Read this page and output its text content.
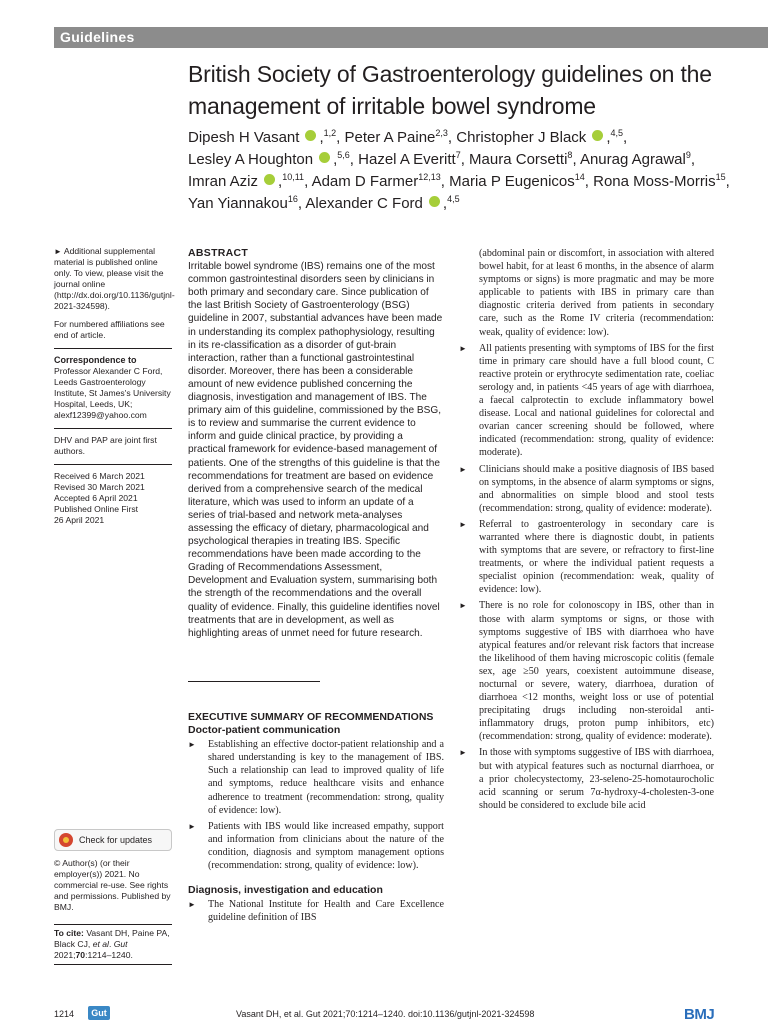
Guidelines
British Society of Gastroenterology guidelines on the management of irritable bowel syndrome
Dipesh H Vasant ,$^{1,2}$, Peter A Paine$^{2,3}$, Christopher J Black ,$^{4,5}$,
Lesley A Houghton ,$^{5,6}$, Hazel A Everitt$^7$, Maura Corsetti$^8$, Anurag Agrawal$^9$,
Imran Aziz ,$^{10,11}$, Adam D Farmer$^{12,13}$, Maria P Eugenicos$^{14}$, Rona Moss-Morris$^{15}$,
Yan Yiannakou$^{16}$, Alexander C Ford ,$^{4,5}$

► Additional supplemental material is published online only. To view, please visit the journal online (http://dx.doi.org/10.1136/gutjnl-2021-324598).

For numbered affiliations see end of article.

Correspondence to

Professor Alexander C Ford, Leeds Gastroenterology Institute, St James's University Hospital, Leeds, UK; alexf12399@yahoo.com

DHV and PAP are joint first authors.

Received 6 March 2021
Revised 30 March 2021
Accepted 6 April 2021
Published Online First
26 April 2021
Check for updates
© Author(s) (or their employer(s)) 2021. No commercial re-use. See rights and permissions. Published by BMJ.
To cite: Vasant DH, Paine PA, Black CJ, et al. Gut
2021;70:1214–1240.
ABSTRACT

Irritable bowel syndrome (IBS) remains one of the most common gastrointestinal disorders seen by clinicians in both primary and secondary care. Since publication of the last British Society of Gastroenterology (BSG) guideline in 2007, substantial advances have been made in understanding its complex pathophysiology, resulting in its re-classification as a disorder of gut-brain interaction, rather than a functional gastrointestinal disorder. Moreover, there has been a considerable amount of new evidence published concerning the diagnosis, investigation and management of IBS. The primary aim of this guideline, commissioned by the BSG, is to review and summarise the current evidence to inform and guide clinical practice, by providing a practical framework for evidence-based management of patients. One of the strengths of this guideline is that the recommendations for treatment are based on evidence derived from a comprehensive search of the medical literature, which was used to inform an update of a series of trial-based and network meta-analyses assessing the efficacy of dietary, pharmacological and psychological therapies in treating IBS. Specific recommendations have been made according to the Grading of Recommendations Assessment, Development and Evaluation system, summarising both the strength of the recommendations and the overall quality of evidence. Finally, this guideline identifies novel treatments that are in development, as well as highlighting areas of unmet need for future research.

EXECUTIVE SUMMARY OF RECOMMENDATIONS
Doctor-patient communication
► Establishing an effective doctor-patient relationship and a shared understanding is key to the management of IBS. Such a relationship can lead to improved quality of life and symptoms, reduce healthcare visits and enhance adherence to treatment (recommendation: strong, quality of evidence: low).
► Patients with IBS would like increased empathy, support and information from clinicians about the nature of the condition, diagnosis and symptom management options (recommendation: strong, quality of evidence: low).
Diagnosis, investigation and education
► The National Institute for Health and Care Excellence guideline definition of IBS

(abdominal pain or discomfort, in association with altered bowel habit, for at least 6 months, in the absence of alarm symptoms or signs) is more pragmatic and may be more applicable to patients with IBS in primary care than diagnostic criteria derived from patients in secondary care, such as the Rome IV criteria (recommendation: weak, quality of evidence: low).

► All patients presenting with symptoms of IBS for the first time in primary care should have a full blood count, C reactive protein or erythrocyte sedimentation rate, coeliac serology and, in patients <45 years of age with diarrhoea, a faecal calprotectin to exclude inflammatory bowel disease. Local and national guidelines for colorectal and ovarian cancer screening should be followed, where indicated (recommendation: strong, quality of evidence: moderate).
► Clinicians should make a positive diagnosis of IBS based on symptoms, in the absence of alarm symptoms or signs, and abnormalities on simple blood and stool tests (recommendation: strong, quality of evidence: moderate).
► Referral to gastroenterology in secondary care is warranted where there is diagnostic doubt, in patients with symptoms that are severe, or refractory to first-line treatments, or where the individual patient requests a specialist opinion (recommendation: weak, quality of evidence: low).
► There is no role for colonoscopy in IBS, other than in those with alarm symptoms or signs, or those with symptoms suggestive of IBS with diarrhoea who have atypical features and/or relevant risk factors that increase the likelihood of them having microscopic colitis (female sex, age ≥50 years, coexistent autoimmune disease, nocturnal or severe, watery, diarrhoea, duration of diarrhoea <12 months, weight loss or use of potential precipitating drugs including non-steroidal anti-inflammatory drugs, proton pump inhibitors, etc) (recommendation: strong, quality of evidence: moderate).
► In those with symptoms suggestive of IBS with diarrhoea, but with atypical features such as nocturnal diarrhoea, or a prior cholecystectomy, 23-seleno-25-homotaurocholic acid scanning or serum 7α-hydroxy-4-cholesten-3-one should be considered to exclude bile acid
1214	Gut	Vasant DH, et al. Gut 2021;70:1214–1240. doi:10.1136/gutjnl-2021-324598	BMJ
